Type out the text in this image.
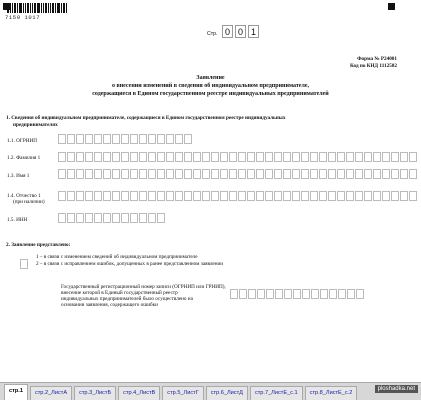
7150 1017
Стр. 0 0 1
Форма № Р24001
Код по КНД 1112502
Заявление
о внесении изменений в сведения об индивидуальном предпринимателе,
содержащиеся в Едином государственном реестре индивидуальных предпринимателей
1. Сведения об индивидуальном предпринимателе, содержащиеся в Едином государственном реестре индивидуальных
предпринимателях
1.1. ОГРНИП
1.2. Фамилия 1
1.3. Имя 1
1.4. Отчество 1
(при наличии)
1.5. ИНН
2. Заявление представлено:
1 – в связи с изменением сведений об индивидуальном предпринимателе
2 – в связи с исправлением ошибок, допущенных в ранее представленном заявлении
Государственный регистрационный номер записи (ОГРНИП или ГРНИП),
внесение которой в Единый государственный реестр
индивидуальных предпринимателей было осуществлено на
основании заявления, содержащего ошибки
стр.1	стр.2_ЛистА	стр.3_ЛистБ	стр.4_ЛистВ	стр.5_ЛистГ	стр.6_ЛистД	стр.7_ЛистЕ_с.1	стр.8_ЛистЕ_с.2
ploshadka.net
